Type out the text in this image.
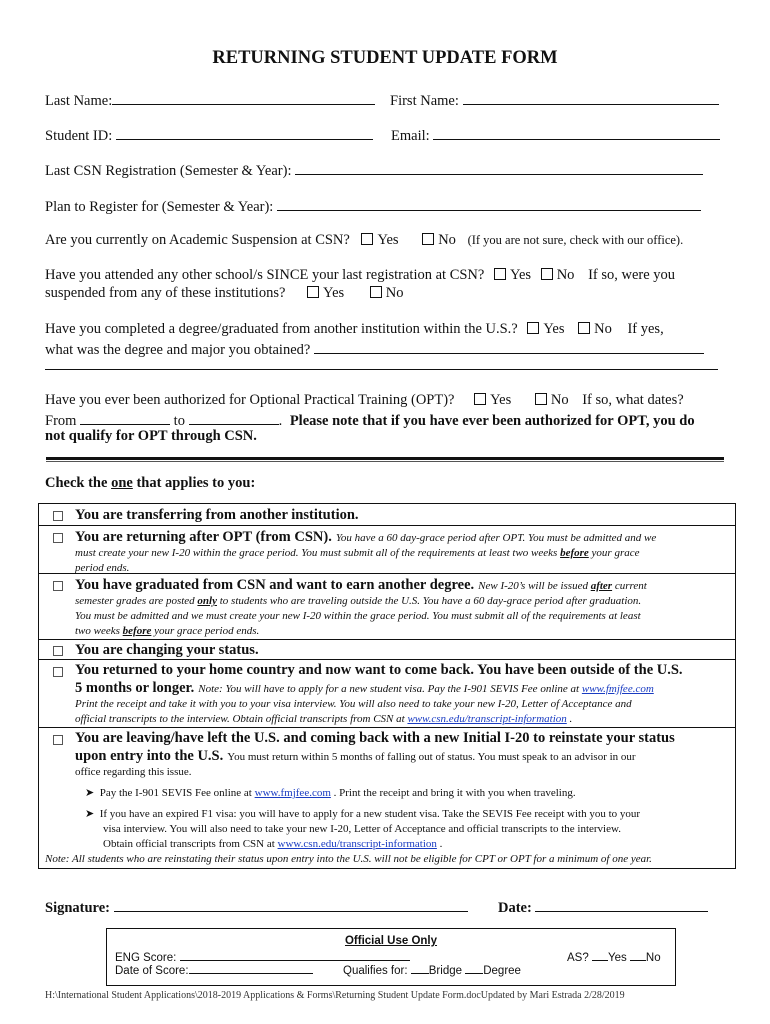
RETURNING STUDENT UPDATE FORM
Last Name:	First Name:
Student ID:	Email:
Last CSN Registration (Semester & Year):
Plan to Register for (Semester & Year):
Are you currently on Academic Suspension at CSN? Yes	No (If you are not sure, check with our office).
Have you attended any other school/s SINCE your last registration at CSN? Yes No If so, were you
suspended from any of these institutions?	Yes	No
Have you completed a degree/graduated from another institution within the U.S.? Yes No If yes,
what was the degree and major you obtained?
Have you ever been authorized for Optional Practical Training (OPT)? Yes	No If so, what dates?
From	to	. Please note that if you have ever been authorized for OPT, you do
not qualify for OPT through CSN.
Check the one that applies to you:
You are transferring from another institution.
You are returning after OPT (from CSN). You have a 60 day-grace period after OPT. You must be admitted and we
must create your new I-20 within the grace period. You must submit all of the requirements at least two weeks before your grace
period ends.
You have graduated from CSN and want to earn another degree. New I-20’s will be issued after current
semester grades are posted only to students who are traveling outside the U.S. You have a 60 day-grace period after graduation.
You must be admitted and we must create your new I-20 within the grace period. You must submit all of the requirements at least
two weeks before your grace period ends.
You are changing your status.
You returned to your home country and now want to come back. You have been outside of the U.S.
5 months or longer. Note: You will have to apply for a new student visa. Pay the I-901 SEVIS Fee online at www.fmjfee.com
Print the receipt and take it with you to your visa interview. You will also need to take your new I-20, Letter of Acceptance and
official transcripts to the interview. Obtain official transcripts from CSN at www.csn.edu/transcript-information .
You are leaving/have left the U.S. and coming back with a new Initial I-20 to reinstate your status
upon entry into the U.S. You must return within 5 months of falling out of status. You must speak to an advisor in our
office regarding this issue.
➤  Pay the I-901 SEVIS Fee online at www.fmjfee.com . Print the receipt and bring it with you when traveling.
➤  If you have an expired F1 visa: you will have to apply for a new student visa. Take the SEVIS Fee receipt with you to your
visa interview. You will also need to take your new I-20, Letter of Acceptance and official transcripts to the interview.
Obtain official transcripts from CSN at www.csn.edu/transcript-information .
Note: All students who are reinstating their status upon entry into the U.S. will not be eligible for CPT or OPT for a minimum of one year.
Signature:	Date:
Official Use Only
ENG Score:	AS? Yes No
Date of Score:	Qualifies for: Bridge Degree
H:\International Student Applications\2018-2019 Applications & Forms\Returning Student Update Form.docUpdated by Mari Estrada 2/28/2019
